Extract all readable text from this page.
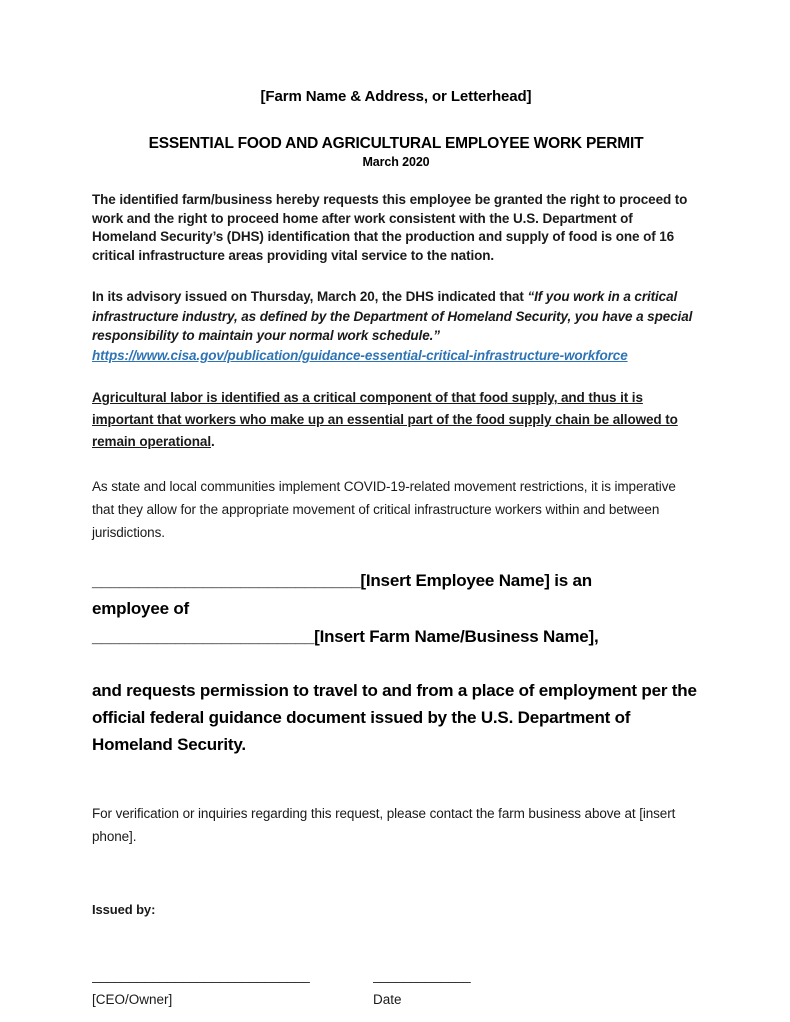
[Farm Name & Address, or Letterhead]

ESSENTIAL FOOD AND AGRICULTURAL EMPLOYEE WORK PERMIT

March 2020

The identified farm/business hereby requests this employee be granted the right to proceed to work and the right to proceed home after work consistent with the U.S. Department of Homeland Security’s (DHS) identification that the production and supply of food is one of 16 critical infrastructure areas providing vital service to the nation.

In its advisory issued on Thursday, March 20, the DHS indicated that “If you work in a critical infrastructure industry, as defined by the Department of Homeland Security, you have a special responsibility to maintain your normal work schedule.”
https://www.cisa.gov/publication/guidance-essential-critical-infrastructure-workforce

Agricultural labor is identified as a critical component of that food supply, and thus it is important that workers who make up an essential part of the food supply chain be allowed to remain operational.

As state and local communities implement COVID-19-related movement restrictions, it is imperative that they allow for the appropriate movement of critical infrastructure workers within and between jurisdictions.

_____________________________[Insert Employee Name] is an
employee of
________________________[Insert Farm Name/Business Name],

and requests permission to travel to and from a place of employment per the official federal guidance document issued by the U.S. Department of Homeland Security.

For verification or inquiries regarding this request, please contact the farm business above at [insert phone].

Issued by:

_____________________________
[CEO/Owner]
_____________
Date
